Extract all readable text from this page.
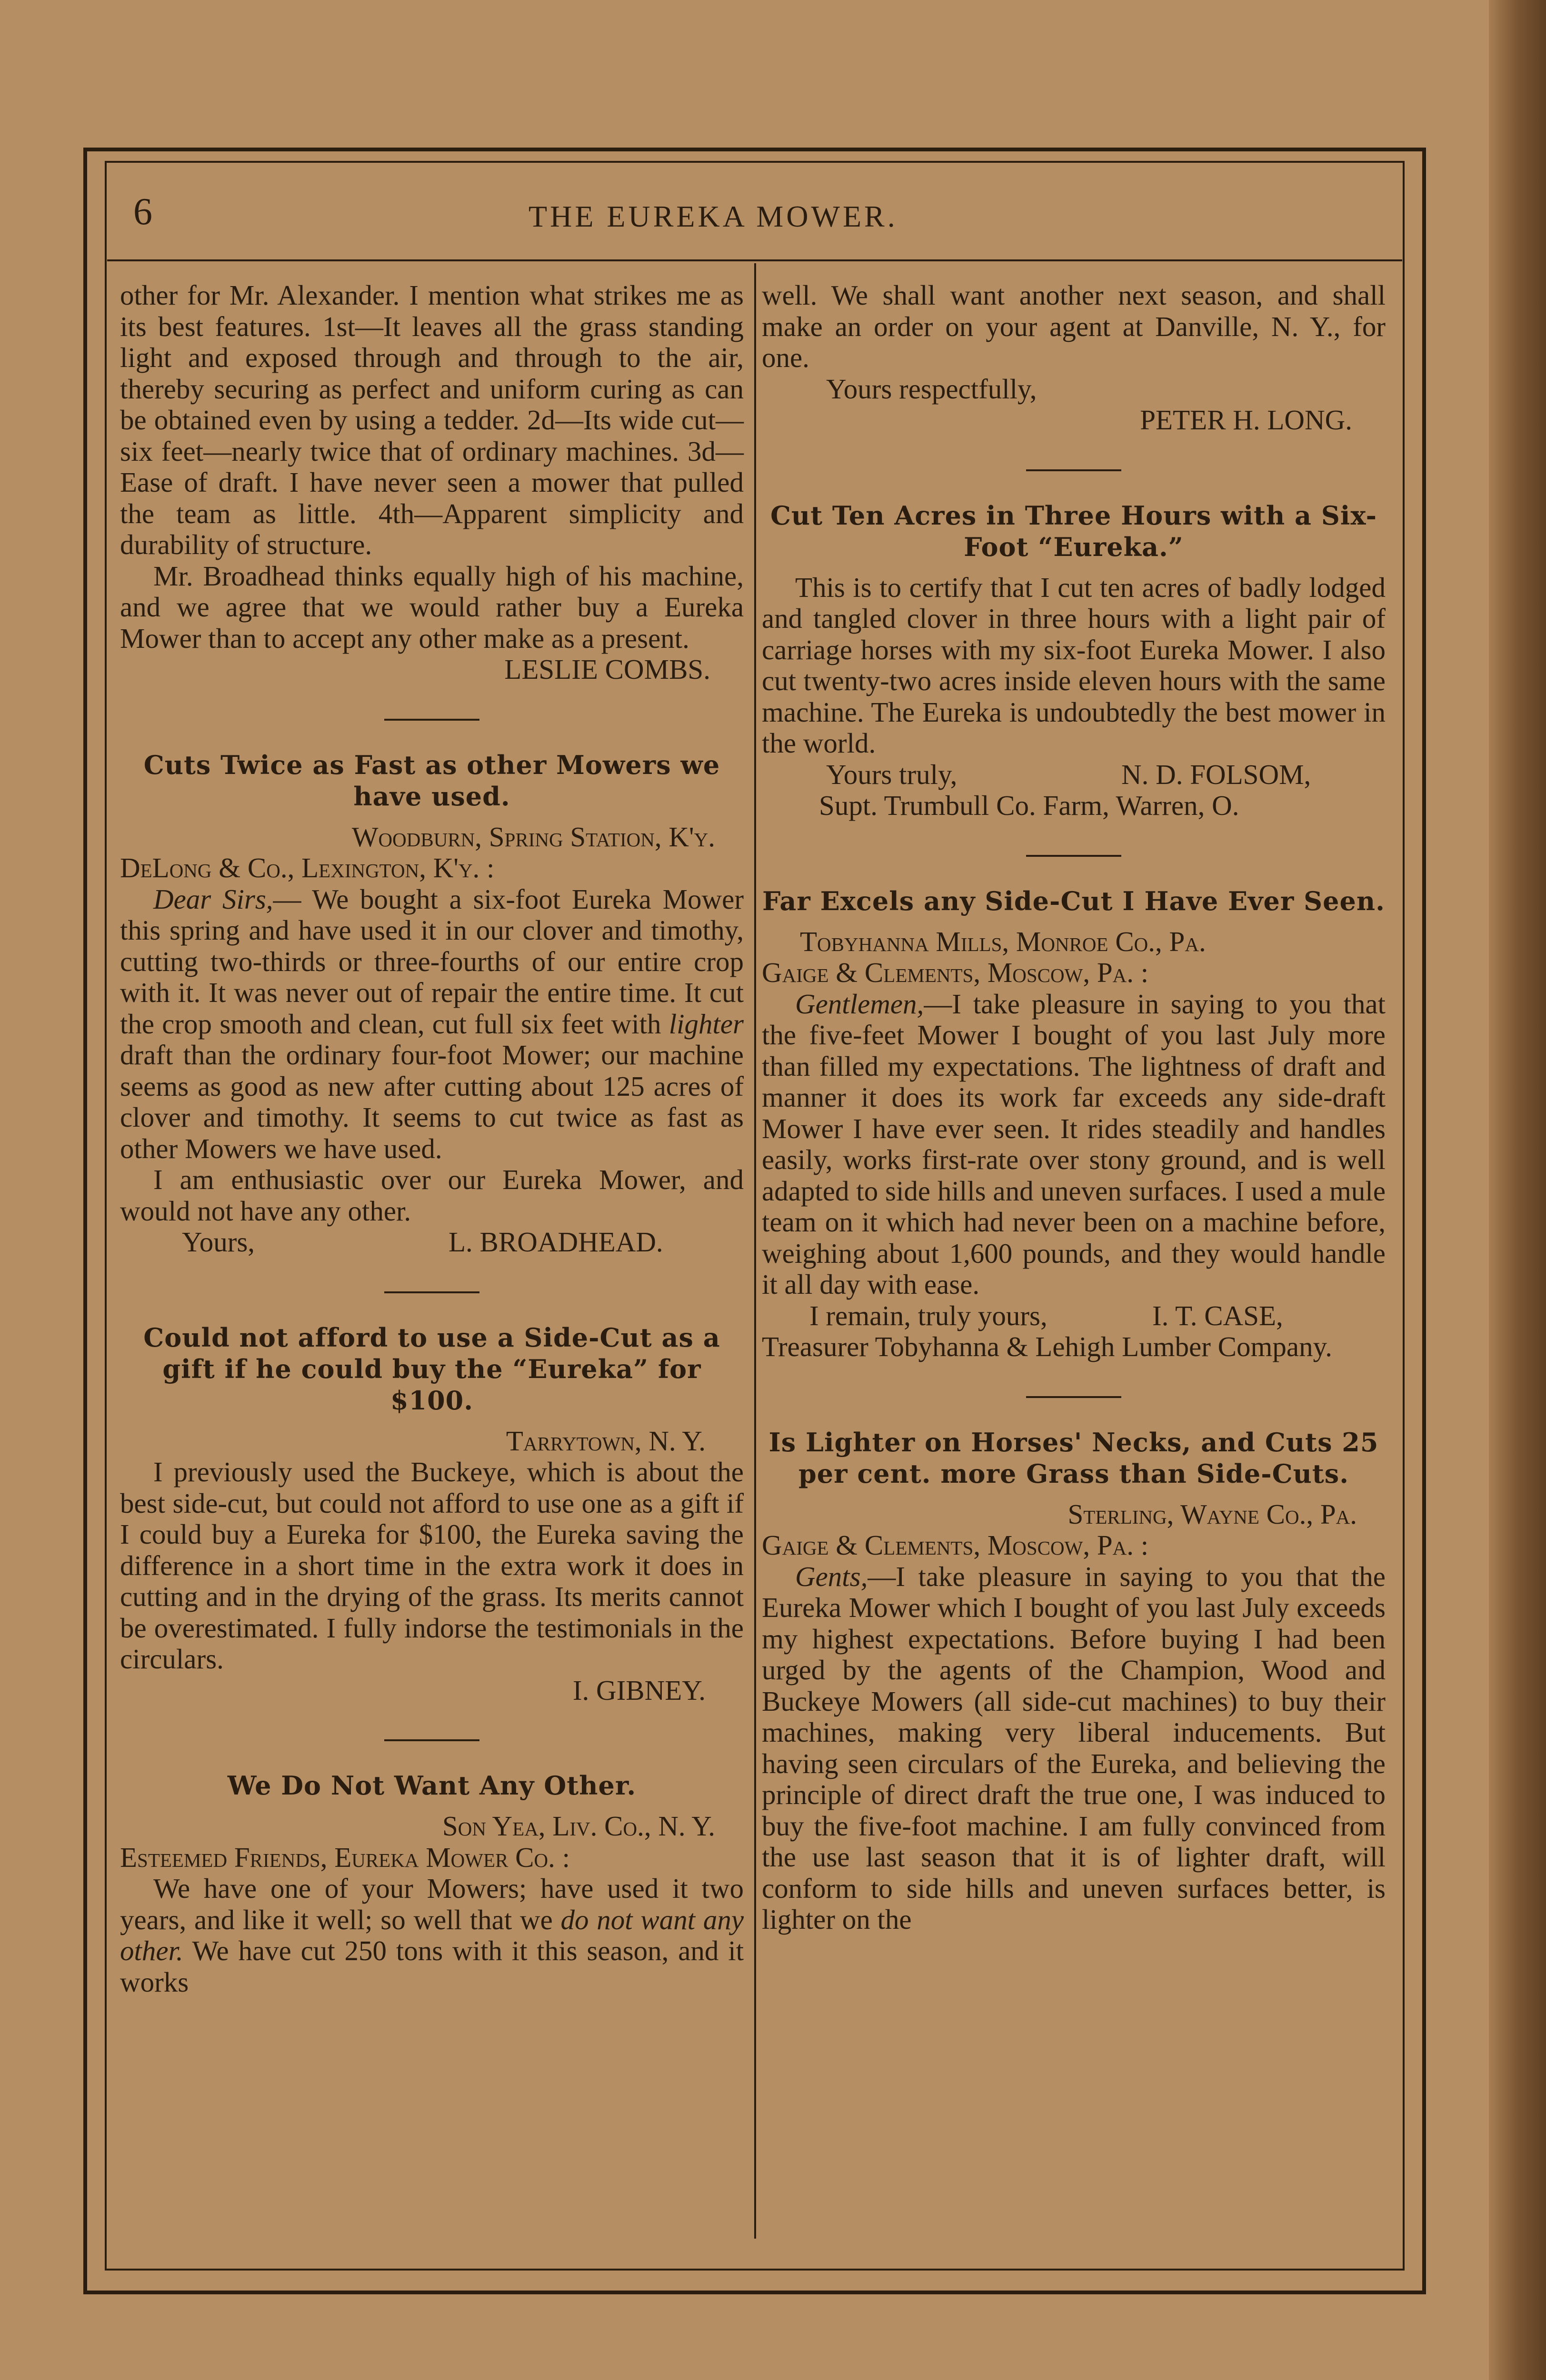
6	THE EUREKA MOWER.

other for Mr. Alexander. I mention what strikes me as its best features. 1st—It leaves all the grass standing light and exposed through and through to the air, thereby securing as perfect and uniform curing as can be obtained even by using a tedder. 2d—Its wide cut—six feet—nearly twice that of ordinary machines. 3d—Ease of draft. I have never seen a mower that pulled the team as little. 4th—Apparent simplicity and durability of structure.

Mr. Broadhead thinks equally high of his machine, and we agree that we would rather buy a Eureka Mower than to accept any other make as a present.

LESLIE COMBS.

Cuts Twice as Fast as other Mowers we have used.

Woodburn, Spring Station, K'y.

DeLong & Co., Lexington, K'y. :

Dear Sirs,— We bought a six-foot Eureka Mower this spring and have used it in our clover and timothy, cutting two-thirds or three-fourths of our entire crop with it. It was never out of repair the entire time. It cut the crop smooth and clean, cut full six feet with lighter draft than the ordinary four-foot Mower; our machine seems as good as new after cutting about 125 acres of clover and timothy. It seems to cut twice as fast as other Mowers we have used.

I am enthusiastic over our Eureka Mower, and would not have any other.

Yours,	L. BROADHEAD.

Could not afford to use a Side-Cut as a gift if he could buy the “Eureka” for $100.

Tarrytown, N. Y.

I previously used the Buckeye, which is about the best side-cut, but could not afford to use one as a gift if I could buy a Eureka for $100, the Eureka saving the difference in a short time in the extra work it does in cutting and in the drying of the grass. Its merits cannot be overestimated. I fully indorse the testimonials in the circulars.

I. GIBNEY.

We Do Not Want Any Other.

Son Yea, Liv. Co., N. Y.

Esteemed Friends, Eureka Mower Co. :

We have one of your Mowers; have used it two years, and like it well; so well that we do not want any other. We have cut 250 tons with it this season, and it works

well. We shall want another next season, and shall make an order on your agent at Danville, N. Y., for one.

Yours respectfully,

PETER H. LONG.

Cut Ten Acres in Three Hours with a Six-Foot “Eureka.”

This is to certify that I cut ten acres of badly lodged and tangled clover in three hours with a light pair of carriage horses with my six-foot Eureka Mower. I also cut twenty-two acres inside eleven hours with the same machine. The Eureka is undoubtedly the best mower in the world.

Yours truly,	N. D. FOLSOM,

Supt. Trumbull Co. Farm, Warren, O.

Far Excels any Side-Cut I Have Ever Seen.

Tobyhanna Mills, Monroe Co., Pa.

Gaige & Clements, Moscow, Pa. :

Gentlemen,—I take pleasure in saying to you that the five-feet Mower I bought of you last July more than filled my expectations. The lightness of draft and manner it does its work far exceeds any side-draft Mower I have ever seen. It rides steadily and handles easily, works first-rate over stony ground, and is well adapted to side hills and uneven surfaces. I used a mule team on it which had never been on a machine before, weighing about 1,600 pounds, and they would handle it all day with ease.

I remain, truly yours,	I. T. CASE,

Treasurer Tobyhanna & Lehigh Lumber Company.

Is Lighter on Horses' Necks, and Cuts 25 per cent. more Grass than Side-Cuts.

Sterling, Wayne Co., Pa.

Gaige & Clements, Moscow, Pa. :

Gents,—I take pleasure in saying to you that the Eureka Mower which I bought of you last July exceeds my highest expectations. Before buying I had been urged by the agents of the Champion, Wood and Buckeye Mowers (all side-cut machines) to buy their machines, making very liberal inducements. But having seen circulars of the Eureka, and believing the principle of direct draft the true one, I was induced to buy the five-foot machine. I am fully convinced from the use last season that it is of lighter draft, will conform to side hills and uneven surfaces better, is lighter on the
